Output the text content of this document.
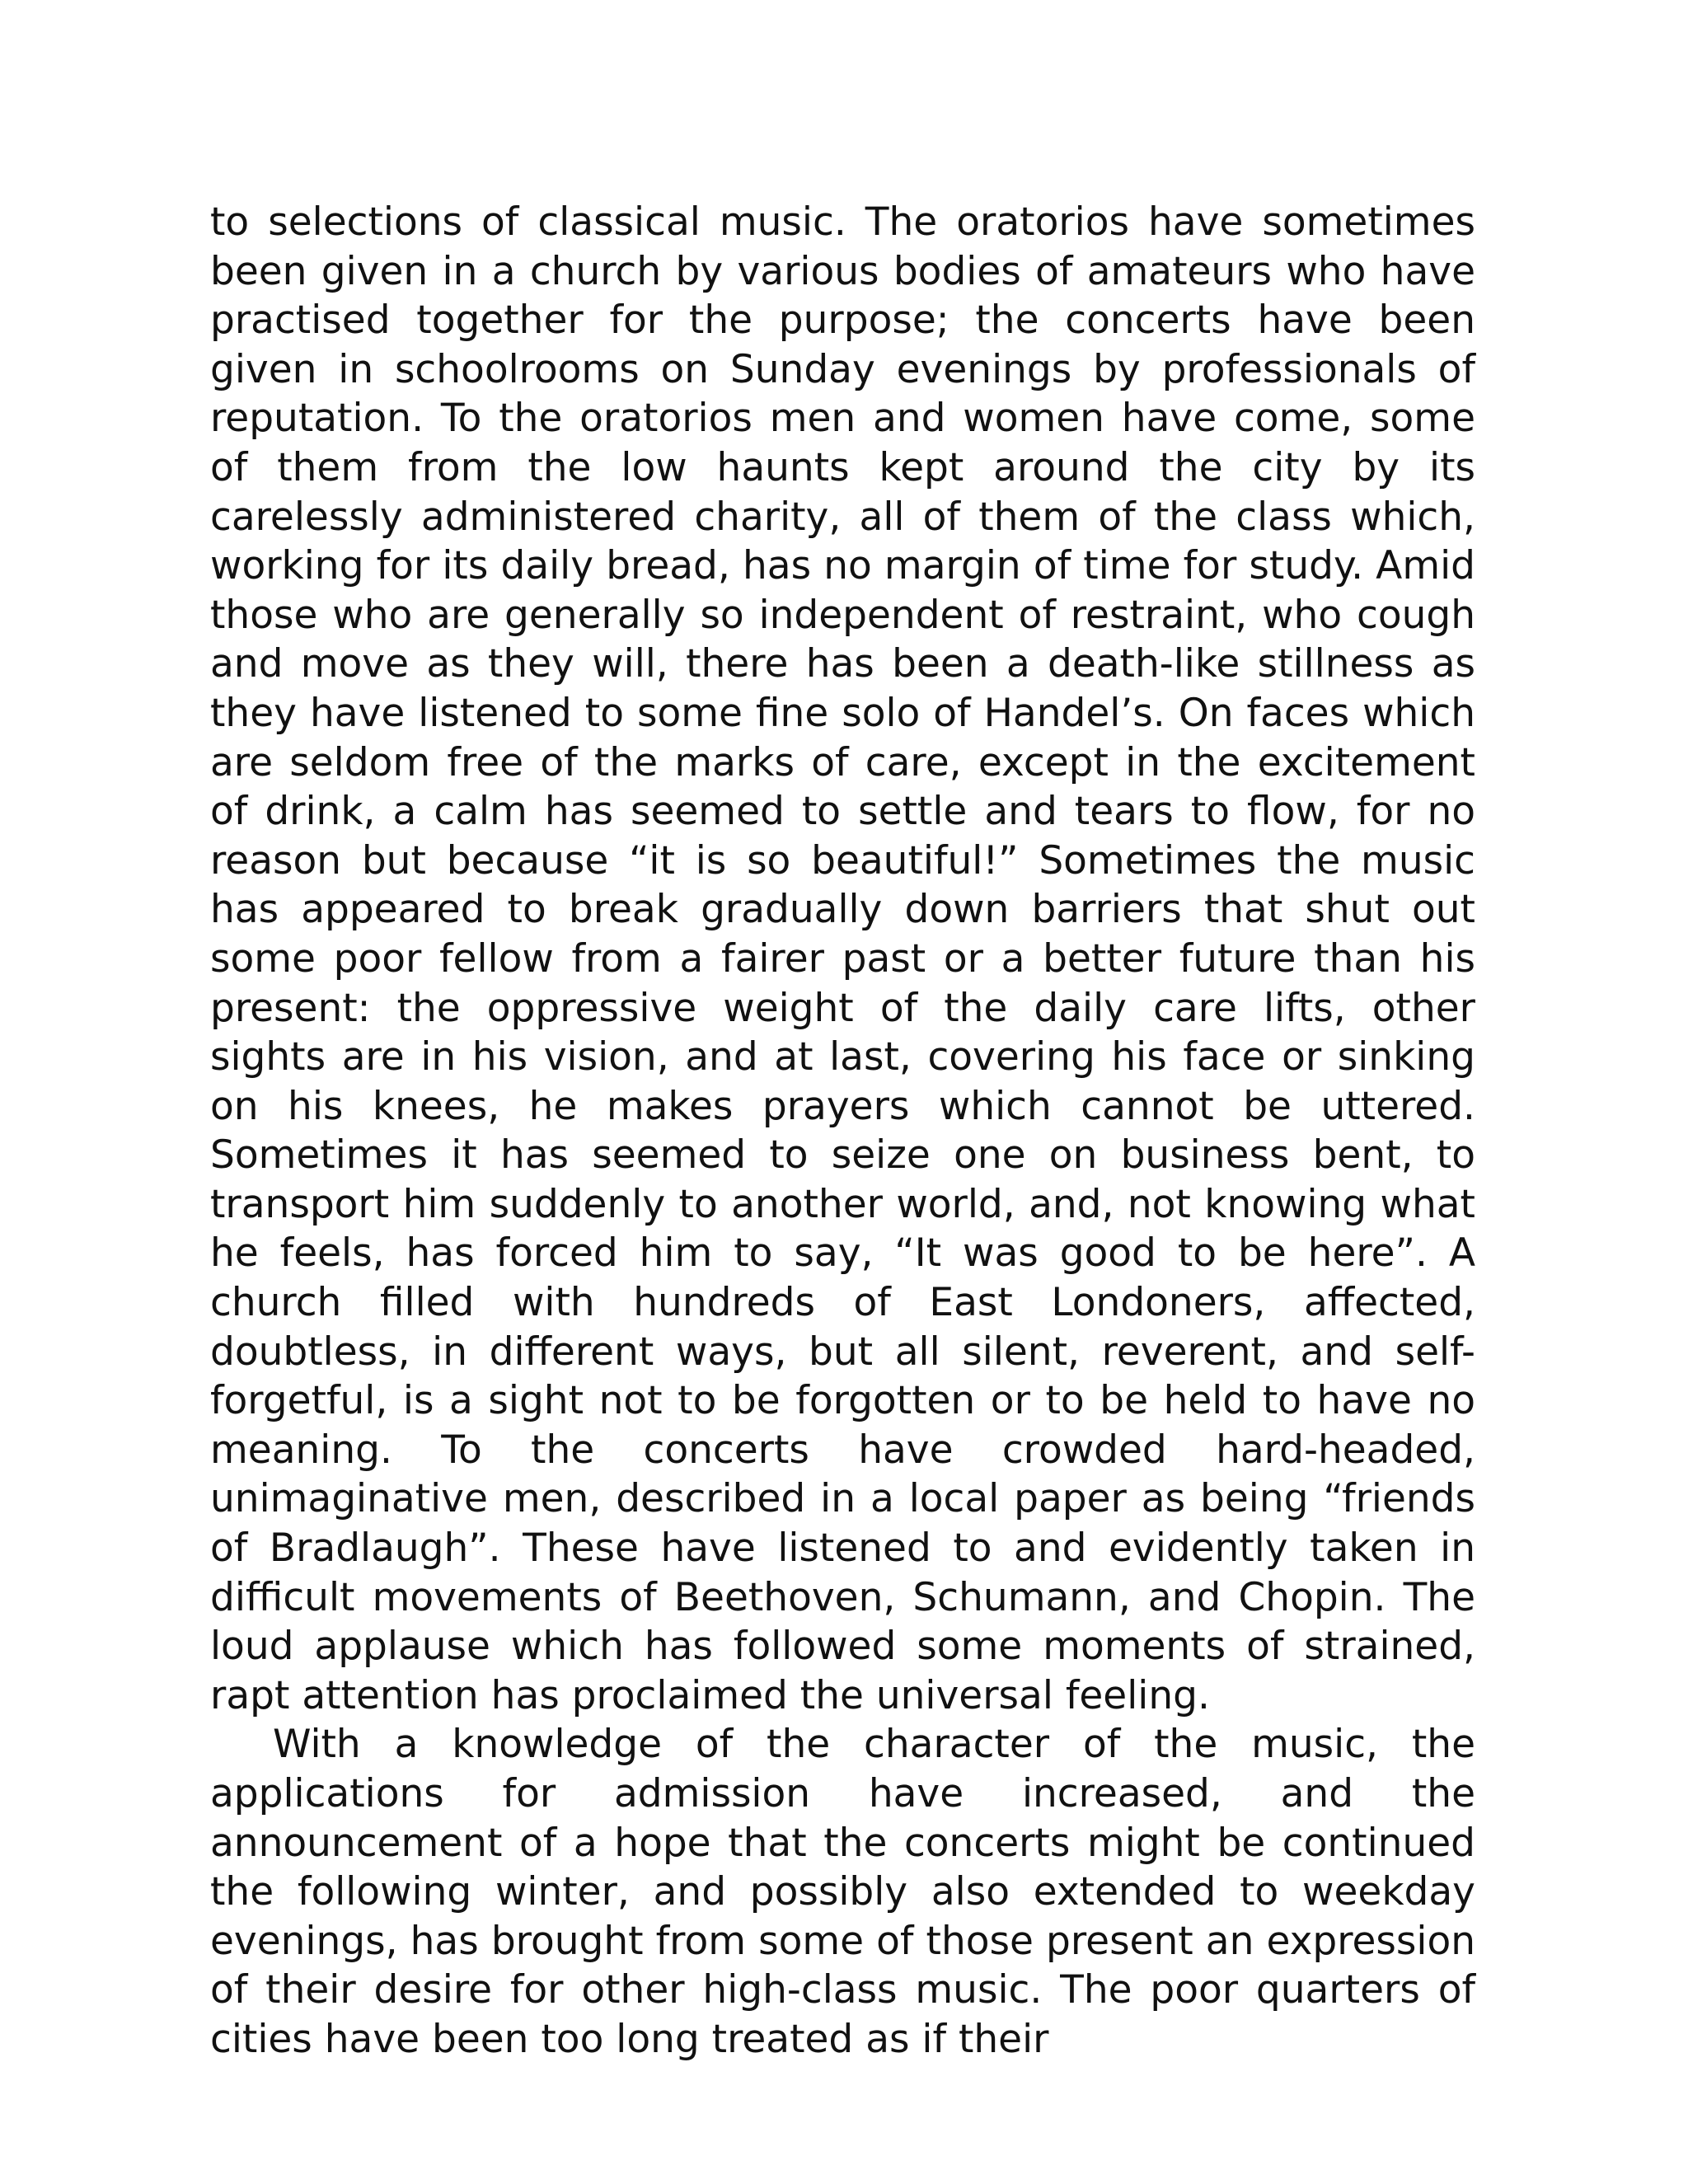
to selections of classical music. The oratorios have sometimes been given in a church by various bodies of amateurs who have practised together for the purpose; the concerts have been given in schoolrooms on Sunday evenings by professionals of reputation. To the oratorios men and women have come, some of them from the low haunts kept around the city by its carelessly administered charity, all of them of the class which, working for its daily bread, has no margin of time for study. Amid those who are generally so independent of restraint, who cough and move as they will, there has been a death-like stillness as they have listened to some fine solo of Handel’s. On faces which are seldom free of the marks of care, except in the excitement of drink, a calm has seemed to settle and tears to flow, for no reason but because “it is so beautiful!” Sometimes the music has appeared to break gradually down barriers that shut out some poor fellow from a fairer past or a better future than his present: the oppressive weight of the daily care lifts, other sights are in his vision, and at last, covering his face or sinking on his knees, he makes prayers which cannot be uttered. Sometimes it has seemed to seize one on business bent, to transport him suddenly to another world, and, not knowing what he feels, has forced him to say, “It was good to be here”. A church filled with hundreds of East Londoners, affected, doubtless, in different ways, but all silent, reverent, and self-forgetful, is a sight not to be forgotten or to be held to have no meaning. To the concerts have crowded hard-headed, unimaginative men, described in a local paper as being “friends of Bradlaugh”. These have listened to and evidently taken in difficult movements of Beethoven, Schumann, and Chopin. The loud applause which has followed some moments of strained, rapt attention has proclaimed the universal feeling.

With a knowledge of the character of the music, the applications for admission have increased, and the announcement of a hope that the concerts might be continued the following winter, and possibly also extended to weekday evenings, has brought from some of those present an expression of their desire for other high-class music. The poor quarters of cities have been too long treated as if their
